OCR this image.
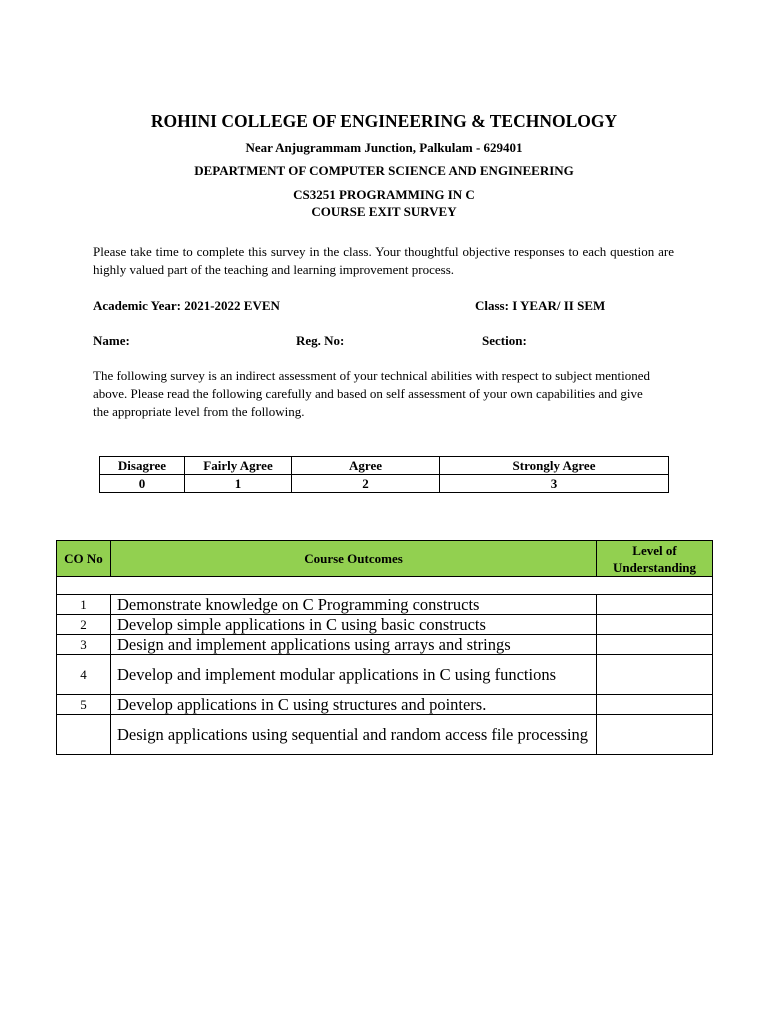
ROHINI COLLEGE OF ENGINEERING & TECHNOLOGY
Near Anjugrammam Junction, Palkulam - 629401
DEPARTMENT OF COMPUTER SCIENCE AND ENGINEERING
CS3251 PROGRAMMING IN C
COURSE EXIT SURVEY
Please take time to complete this survey in the class. Your thoughtful objective responses to each question are highly valued part of the teaching and learning improvement process.
Academic Year: 2021-2022 EVEN	Class: I YEAR/ II SEM
Name:	Reg. No:	Section:
The following survey is an indirect assessment of your technical abilities with respect to subject mentioned above. Please read the following carefully and based on self assessment of your own capabilities and give the appropriate level from the following.
Disagree	Fairly Agree	Agree	Strongly Agree
0	1	2	3
CO No	Course Outcomes	Level of Understanding

1	Demonstrate knowledge on C Programming constructs	
2	Develop simple applications in C using basic constructs	
3	Design and implement applications using arrays and strings	
4	Develop and implement modular applications in C using functions	
5	Develop applications in C using structures and pointers.	
	Design applications using sequential and random access file processing	
